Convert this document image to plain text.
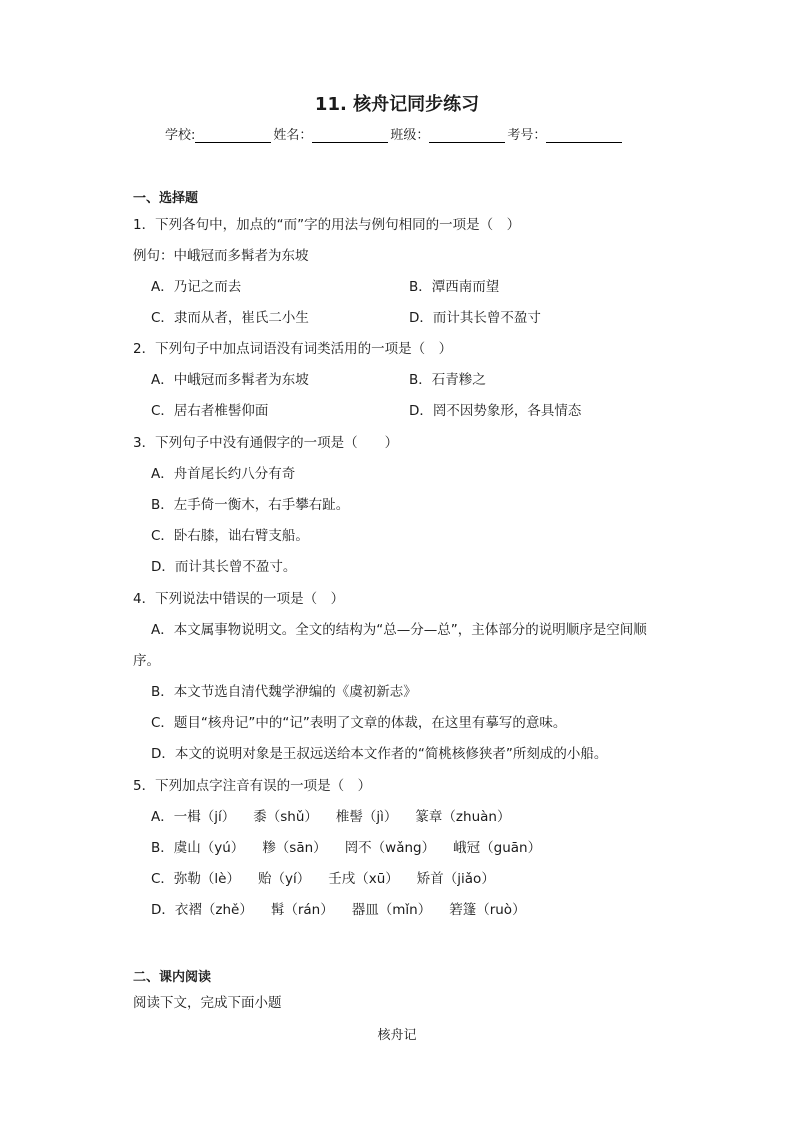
11. 核舟记同步练习
学校:	姓名：	班级：	考号：
一、选择题
1．下列各句中，加点的“而”字的用法与例句相同的一项是（　）
例句：中峨冠而多髯者为东坡
A．乃记之而去	B．潭西南而望
C．隶而从者，崔氏二小生	D．而计其长曾不盈寸
2．下列句子中加点词语没有词类活用的一项是（　）
A．中峨冠而多髯者为东坡	B．石青糁之
C．居右者椎髻仰面	D．罔不因势象形，各具情态
3．下列句子中没有通假字的一项是（　　）
A．舟首尾长约八分有奇
B．左手倚一衡木，右手攀右趾。
C．卧右膝，诎右臂支船。
D．而计其长曾不盈寸。
4．下列说法中错误的一项是（　）
A．本文属事物说明文。全文的结构为“总—分—总”，主体部分的说明顺序是空间顺
序。
B．本文节选自清代魏学洢编的《虞初新志》
C．题目“核舟记”中的“记”表明了文章的体裁，在这里有摹写的意味。
D．本文的说明对象是王叔远送给本文作者的“简桃核修狭者”所刻成的小船。
5．下列加点字注音有误的一项是（　）
A．一楫（jí） 黍（shǔ） 椎髻（jì） 篆章（zhuàn）
B．虞山（yú） 糁（sān） 罔不（wǎng） 峨冠（guān）
C．弥勒（lè） 贻（yí） 壬戌（xū） 矫首（jiǎo）
D．衣褶（zhě） 髯（rán） 器皿（mǐn） 箬篷（ruò）
二、课内阅读
阅读下文，完成下面小题
核舟记
